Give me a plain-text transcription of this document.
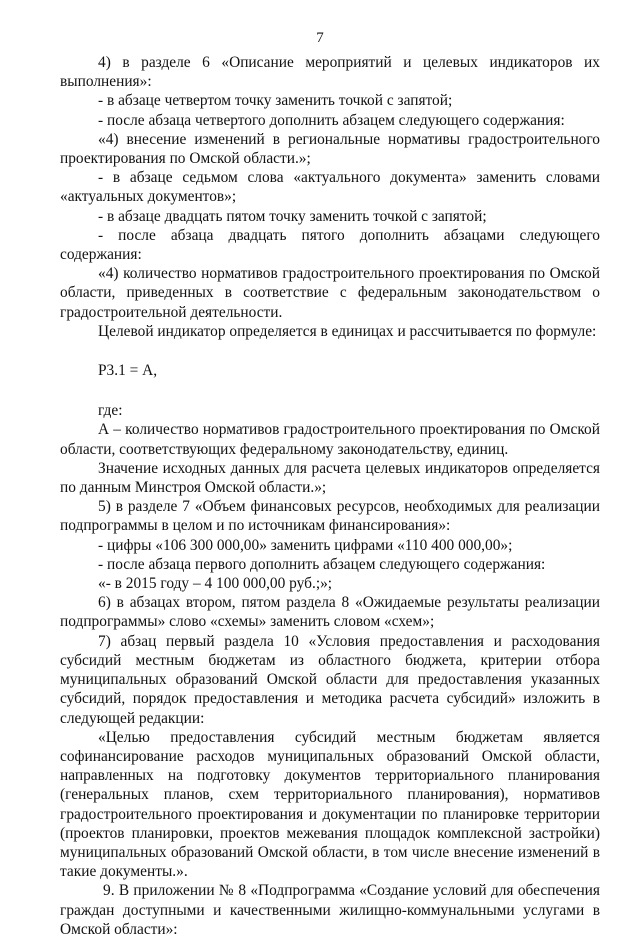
7

4) в разделе 6 «Описание мероприятий и целевых индикаторов их выполнения»:

- в абзаце четвертом точку заменить точкой с запятой;

- после абзаца четвертого дополнить абзацем следующего содержания:

«4) внесение изменений в региональные нормативы градостроительного проектирования по Омской области.»;

- в абзаце седьмом слова «актуального документа» заменить словами «актуальных документов»;

- в абзаце двадцать пятом точку заменить точкой с запятой;

- после абзаца двадцать пятого дополнить абзацами следующего содержания:

«4) количество нормативов градостроительного проектирования по Омской области, приведенных в соответствие с федеральным законодательством о градостроительной деятельности.

Целевой индикатор определяется в единицах и рассчитывается по формуле:

Р3.1 = А,

где:

А – количество нормативов градостроительного проектирования по Омской области, соответствующих федеральному законодательству, единиц.

Значение исходных данных для расчета целевых индикаторов определяется по данным Минстроя Омской области.»;

5) в разделе 7 «Объем финансовых ресурсов, необходимых для реализации подпрограммы в целом и по источникам финансирования»:

- цифры «106 300 000,00» заменить цифрами «110 400 000,00»;

- после абзаца первого дополнить абзацем следующего содержания:

«- в 2015 году – 4 100 000,00 руб.;»;

6) в абзацах втором, пятом раздела 8 «Ожидаемые результаты реализации подпрограммы» слово «схемы» заменить словом «схем»;

7) абзац первый раздела 10 «Условия предоставления и расходования субсидий местным бюджетам из областного бюджета, критерии отбора муниципальных образований Омской области для предоставления указанных субсидий, порядок предоставления и методика расчета субсидий» изложить в следующей редакции:

«Целью предоставления субсидий местным бюджетам является софинансирование расходов муниципальных образований Омской области, направленных на подготовку документов территориального планирования (генеральных планов, схем территориального планирования), нормативов градостроительного проектирования и документации по планировке территории (проектов планировки, проектов межевания площадок комплексной застройки) муниципальных образований Омской области, в том числе внесение изменений в такие документы.».

9. В приложении № 8 «Подпрограмма «Создание условий для обеспечения граждан доступными и качественными жилищно-коммунальными услугами в Омской области»:
